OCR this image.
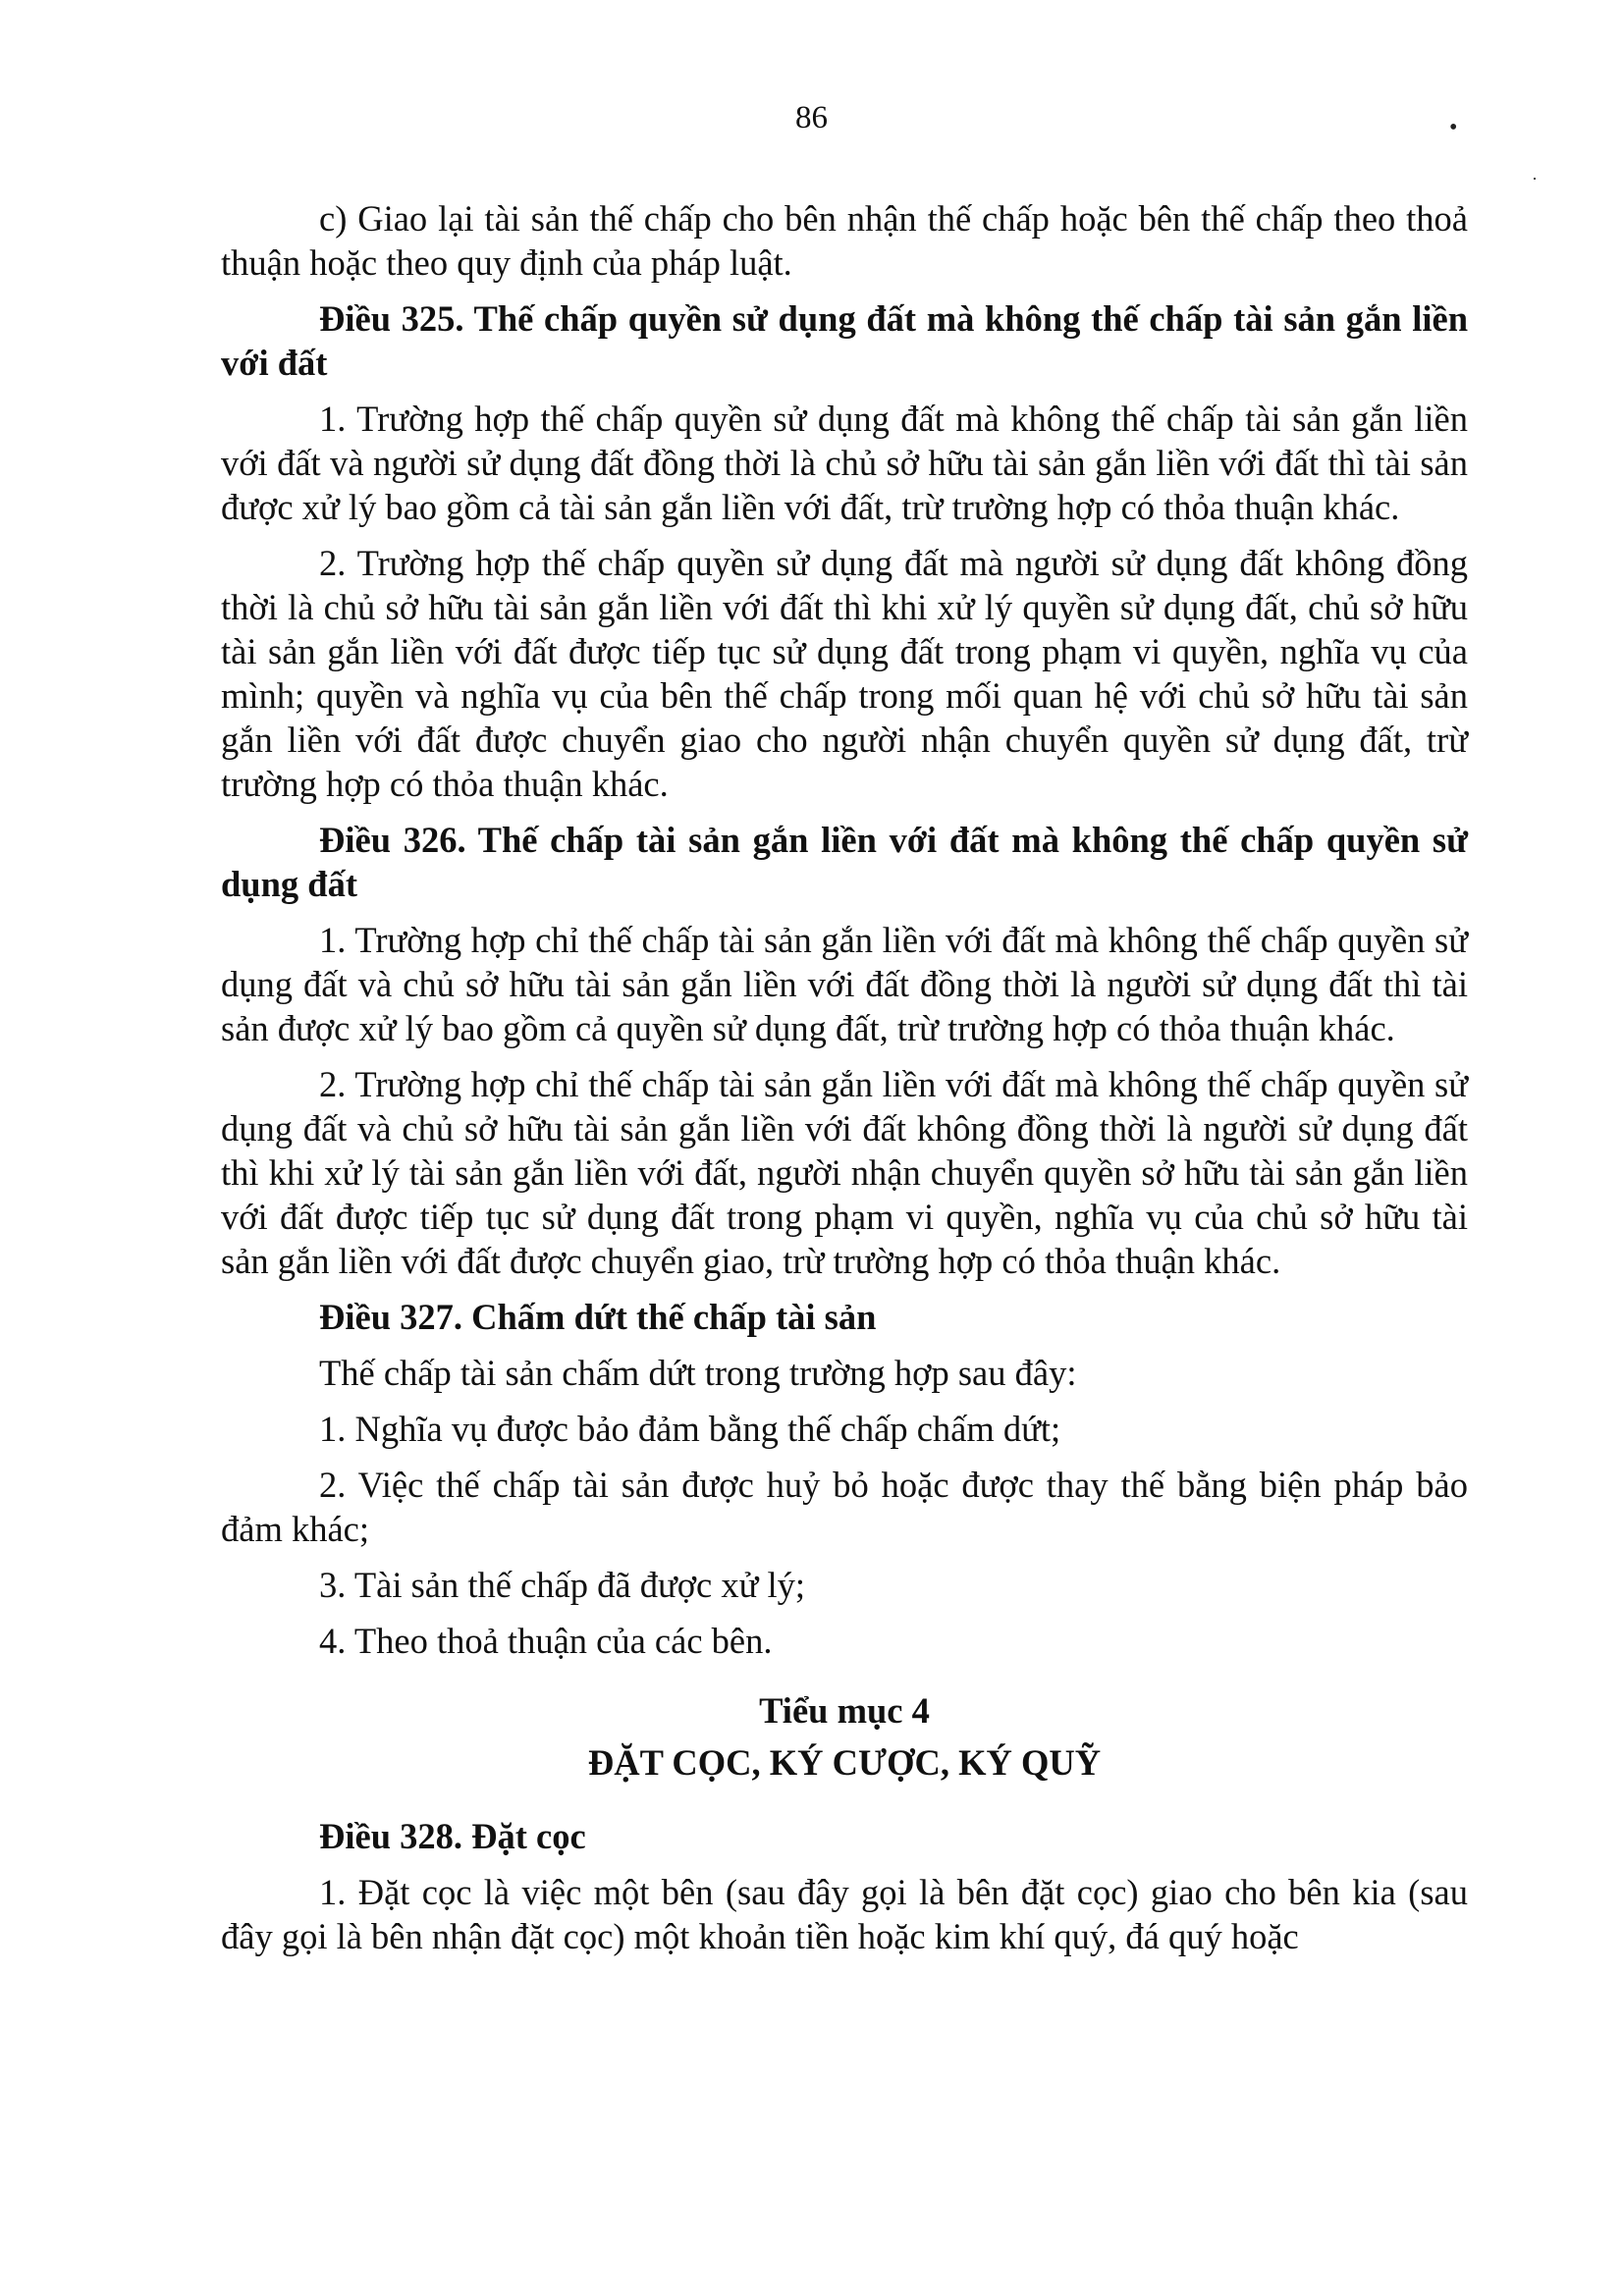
86	•
·

c) Giao lại tài sản thế chấp cho bên nhận thế chấp hoặc bên thế chấp theo thoả thuận hoặc theo quy định của pháp luật.

Điều 325. Thế chấp quyền sử dụng đất mà không thế chấp tài sản gắn liền với đất

1. Trường hợp thế chấp quyền sử dụng đất mà không thế chấp tài sản gắn liền với đất và người sử dụng đất đồng thời là chủ sở hữu tài sản gắn liền với đất thì tài sản được xử lý bao gồm cả tài sản gắn liền với đất, trừ trường hợp có thỏa thuận khác.

2. Trường hợp thế chấp quyền sử dụng đất mà người sử dụng đất không đồng thời là chủ sở hữu tài sản gắn liền với đất thì khi xử lý quyền sử dụng đất, chủ sở hữu tài sản gắn liền với đất được tiếp tục sử dụng đất trong phạm vi quyền, nghĩa vụ của mình; quyền và nghĩa vụ của bên thế chấp trong mối quan hệ với chủ sở hữu tài sản gắn liền với đất được chuyển giao cho người nhận chuyển quyền sử dụng đất, trừ trường hợp có thỏa thuận khác.

Điều 326. Thế chấp tài sản gắn liền với đất mà không thế chấp quyền sử dụng đất

1. Trường hợp chỉ thế chấp tài sản gắn liền với đất mà không thế chấp quyền sử dụng đất và chủ sở hữu tài sản gắn liền với đất đồng thời là người sử dụng đất thì tài sản được xử lý bao gồm cả quyền sử dụng đất, trừ trường hợp có thỏa thuận khác.

2. Trường hợp chỉ thế chấp tài sản gắn liền với đất mà không thế chấp quyền sử dụng đất và chủ sở hữu tài sản gắn liền với đất không đồng thời là người sử dụng đất thì khi xử lý tài sản gắn liền với đất, người nhận chuyển quyền sở hữu tài sản gắn liền với đất được tiếp tục sử dụng đất trong phạm vi quyền, nghĩa vụ của chủ sở hữu tài sản gắn liền với đất được chuyển giao, trừ trường hợp có thỏa thuận khác.

Điều 327. Chấm dứt thế chấp tài sản

Thế chấp tài sản chấm dứt trong trường hợp sau đây:

1. Nghĩa vụ được bảo đảm bằng thế chấp chấm dứt;

2. Việc thế chấp tài sản được huỷ bỏ hoặc được thay thế bằng biện pháp bảo đảm khác;

3. Tài sản thế chấp đã được xử lý;

4. Theo thoả thuận của các bên.

Tiểu mục 4

ĐẶT CỌC, KÝ CƯỢC, KÝ QUỸ

Điều 328. Đặt cọc

1. Đặt cọc là việc một bên (sau đây gọi là bên đặt cọc) giao cho bên kia (sau đây gọi là bên nhận đặt cọc) một khoản tiền hoặc kim khí quý, đá quý hoặc
